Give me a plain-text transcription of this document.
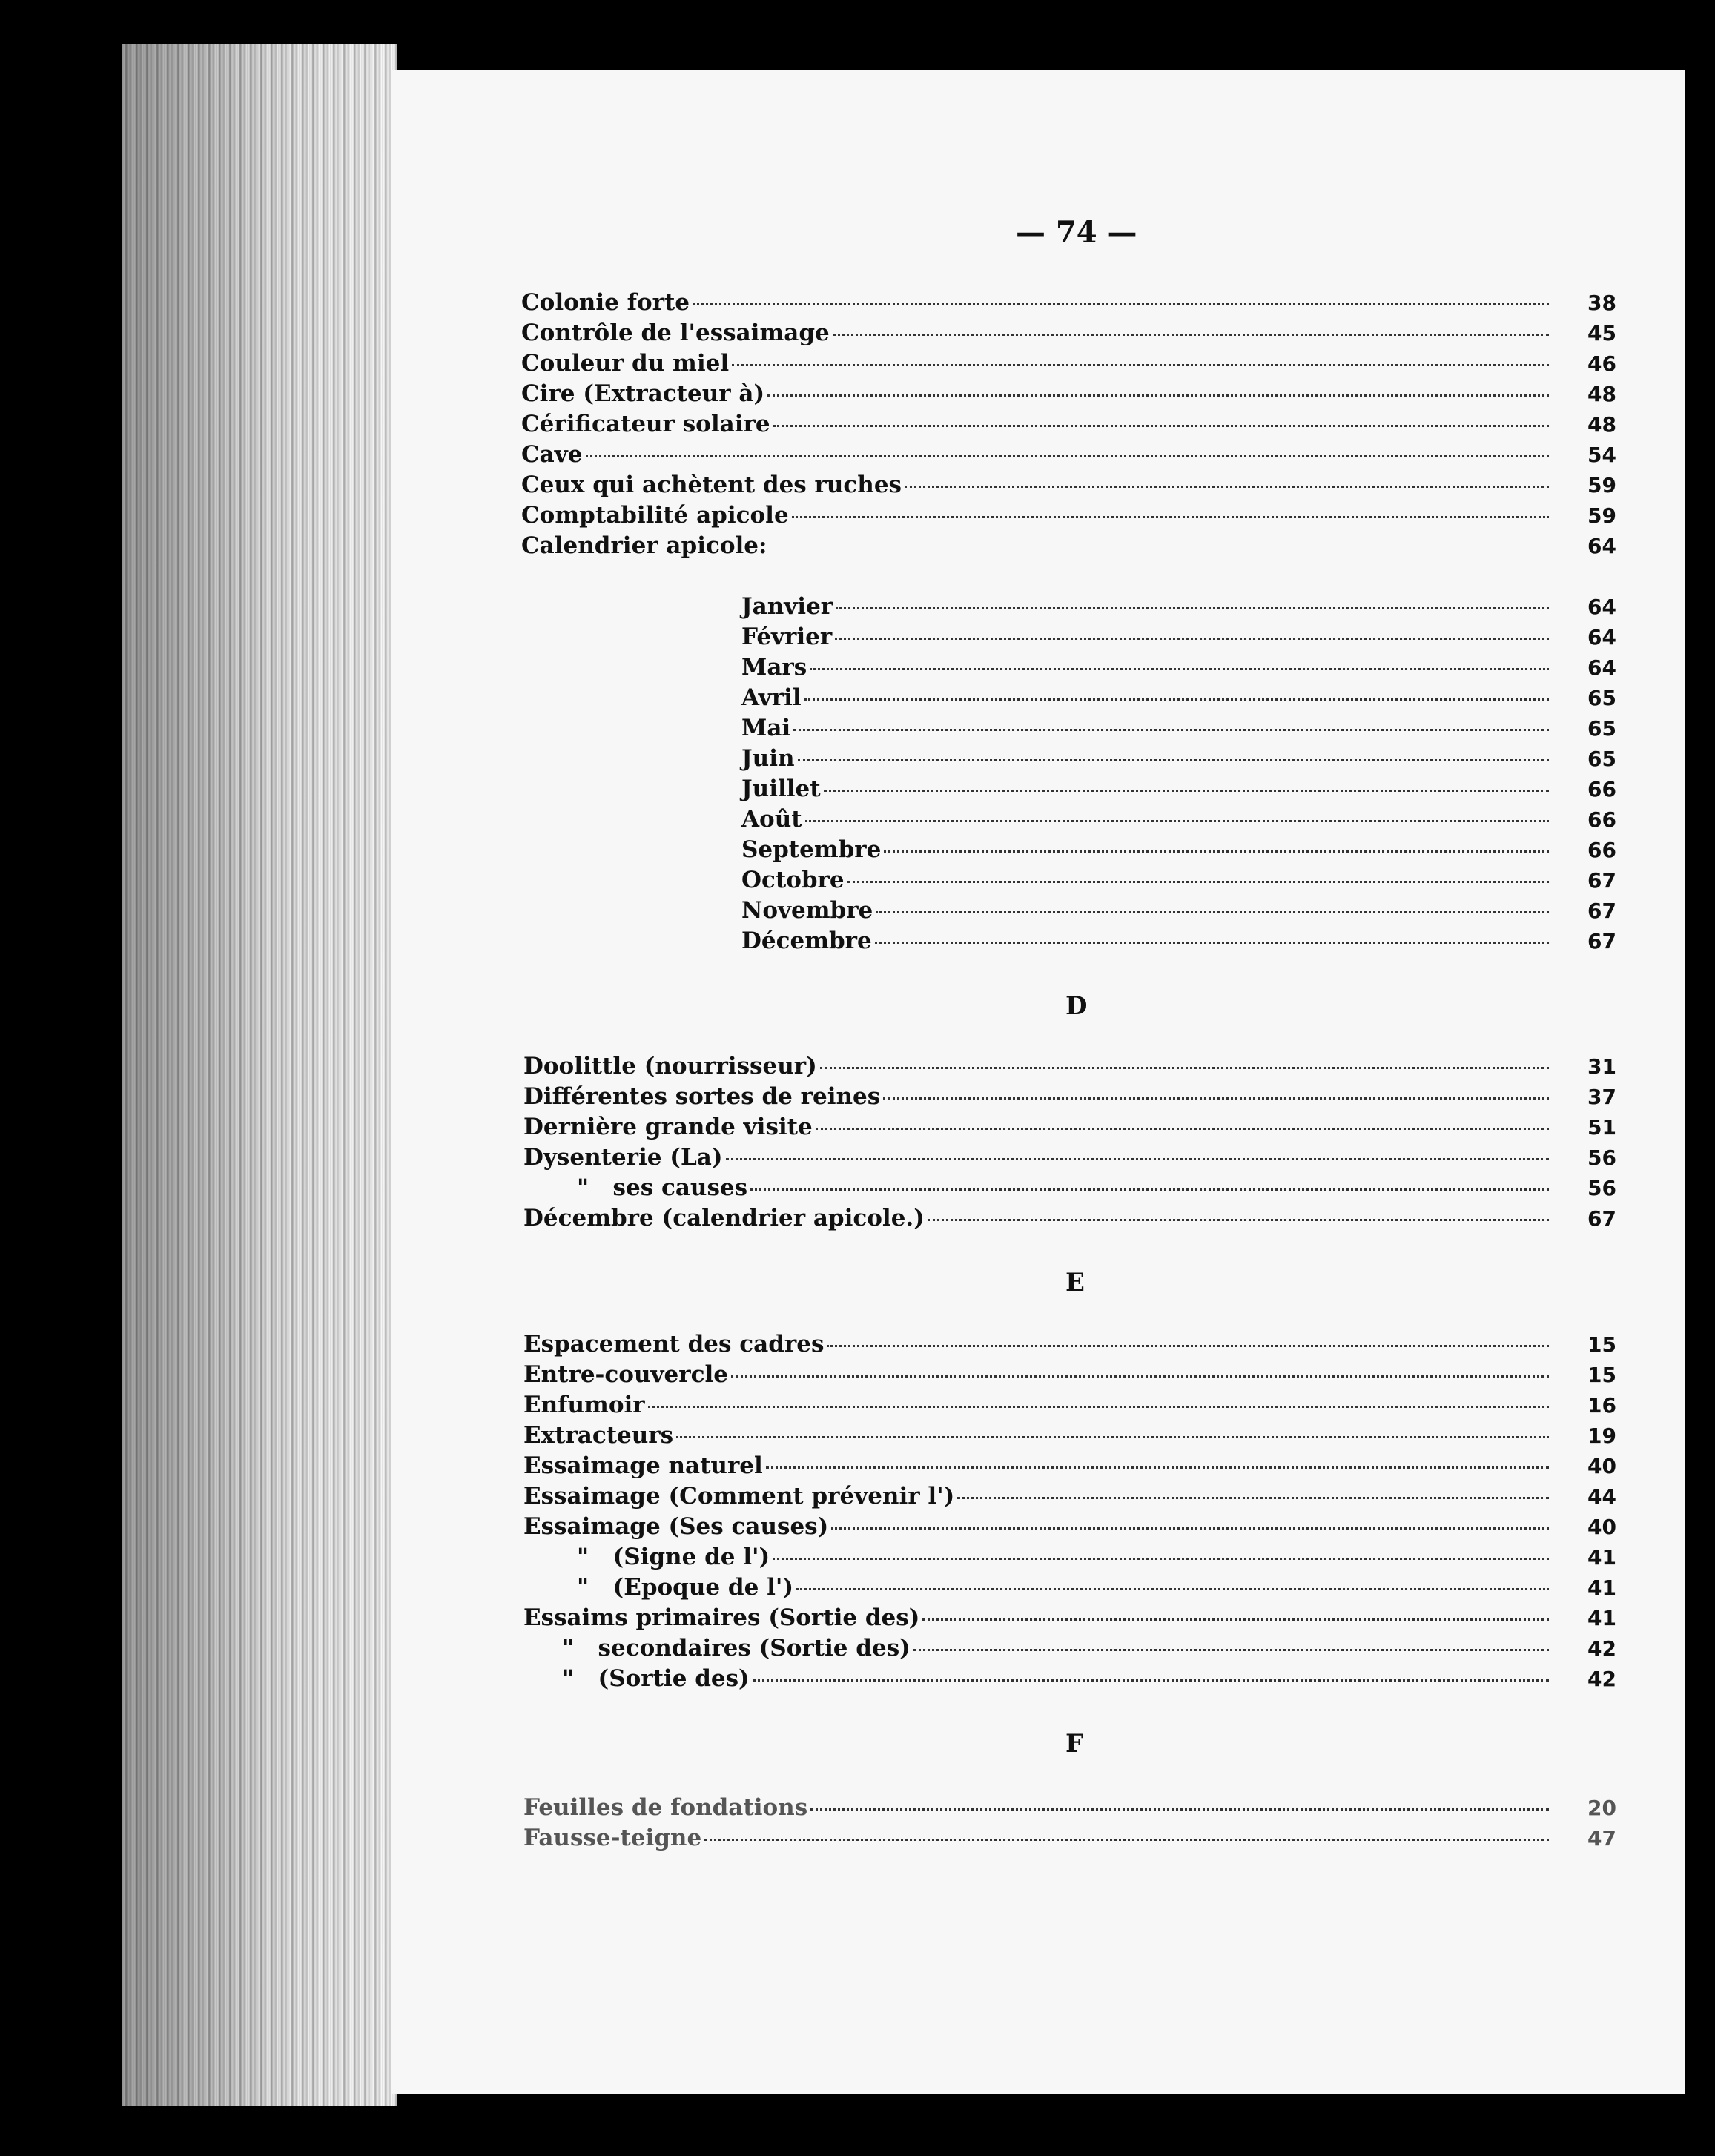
— 74 —
Colonie forte	38
Contrôle de l'essaimage	45
Couleur du miel	46
Cire (Extracteur à)	48
Cérificateur solaire	48
Cave	54
Ceux qui achètent des ruches	59
Comptabilité apicole	59
Calendrier apicole:	64
Janvier	64
Février	64
Mars	64
Avril	65
Mai	65
Juin	65
Juillet	66
Août	66
Septembre	66
Octobre	67
Novembre	67
Décembre	67
D
Doolittle (nourrisseur)	31
Différentes sortes de reines	37
Dernière grande visite	51
Dysenterie (La)	56
"   ses causes	56
Décembre (calendrier apicole.)	67
E
Espacement des cadres	15
Entre-couvercle	15
Enfumoir	16
Extracteurs	19
Essaimage naturel	40
Essaimage (Comment prévenir l')	44
Essaimage (Ses causes)	40
"   (Signe de l')	41
"   (Epoque de l')	41
Essaims primaires (Sortie des)	41
"   secondaires (Sortie des)	42
"   (Sortie des)	42
F
Feuilles de fondations	20
Fausse-teigne	47
